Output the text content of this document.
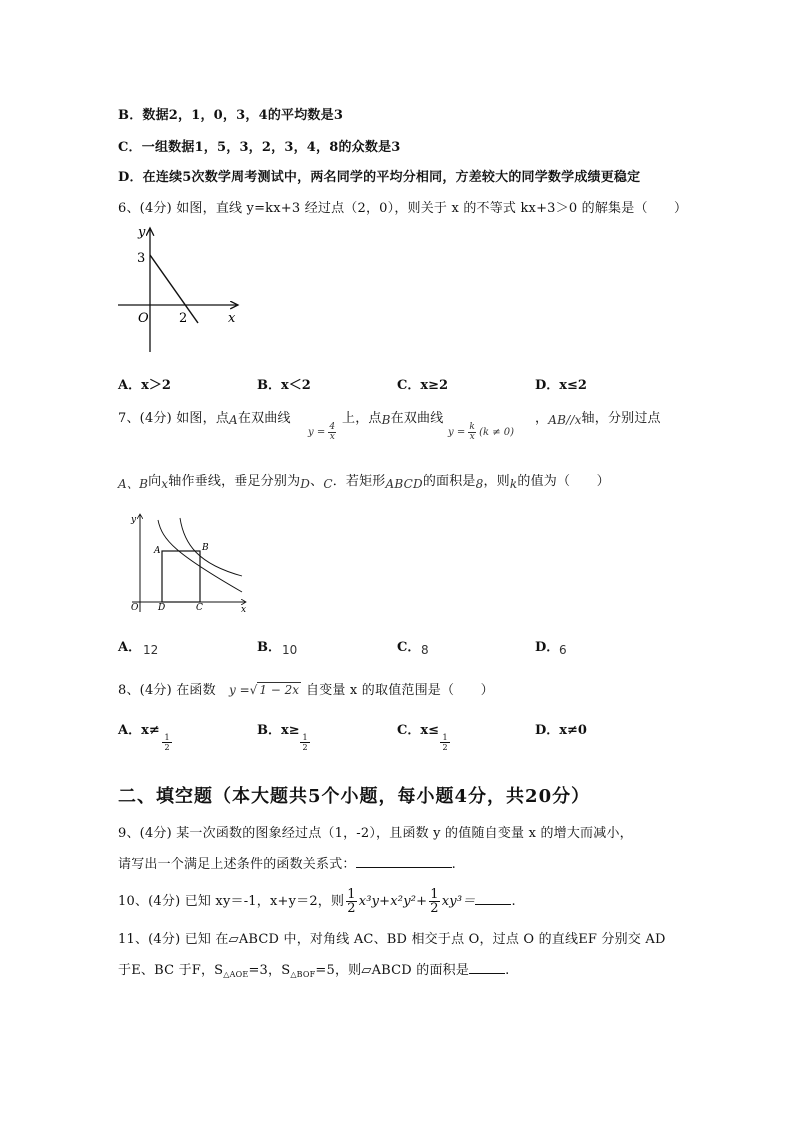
B．数据2，1，0，3，4的平均数是3
C．一组数据1，5，3，2，3，4，8的众数是3
D．在连续5次数学周考测试中，两名同学的平均分相同，方差较大的同学数学成绩更稳定
6、(4分) 如图，直线 y=kx+3 经过点（2，0），则关于 x 的不等式 kx+3＞0 的解集是（　　）
y
x
O
3
2
A．x＞2	B．x＜2	C．x≥2	D．x≤2
7、(4分) 如图，点A在双曲线
$y = \frac{4}{x}$
上，点B在双曲线
$y = \frac{k}{x} (k \ne 0)$
，AB//x轴，分别过点
A、B向x轴作垂线，垂足分别为D、C．若矩形ABCD的面积是8，则k的值为（　　）
y
x
O
A	B
D	C
A． 12	B． 10	C． 8	D． 6
8、(4分) 在函数 y =√ 1 − 2x 自变量 x 的取值范围是（　　）
A．x≠
$\frac{1}{2}$
B．x≥
$\frac{1}{2}$
C．x≤
$\frac{1}{2}$
D．x≠0
二、填空题（本大题共5个小题，每小题4分，共20分）
9、(4分) 某一次函数的图象经过点（1，-2），且函数 y 的值随自变量 x 的增大而减小，
请写出一个满足上述条件的函数关系式：	.
10、(4分) 已知 xy＝-1，x+y＝2，则 $\frac{1}{2} x^3y+x^2y^2+ \frac{1}{2} xy^3=$	.
11、(4分) 已知 在▱ABCD 中，对角线 AC、BD 相交于点 O，过点 O 的直线EF 分别交 AD
于E、BC 于F，$S_{\triangle AOE}=3$，$S_{\triangle BOF}=5$，则▱ABCD 的面积是	.
